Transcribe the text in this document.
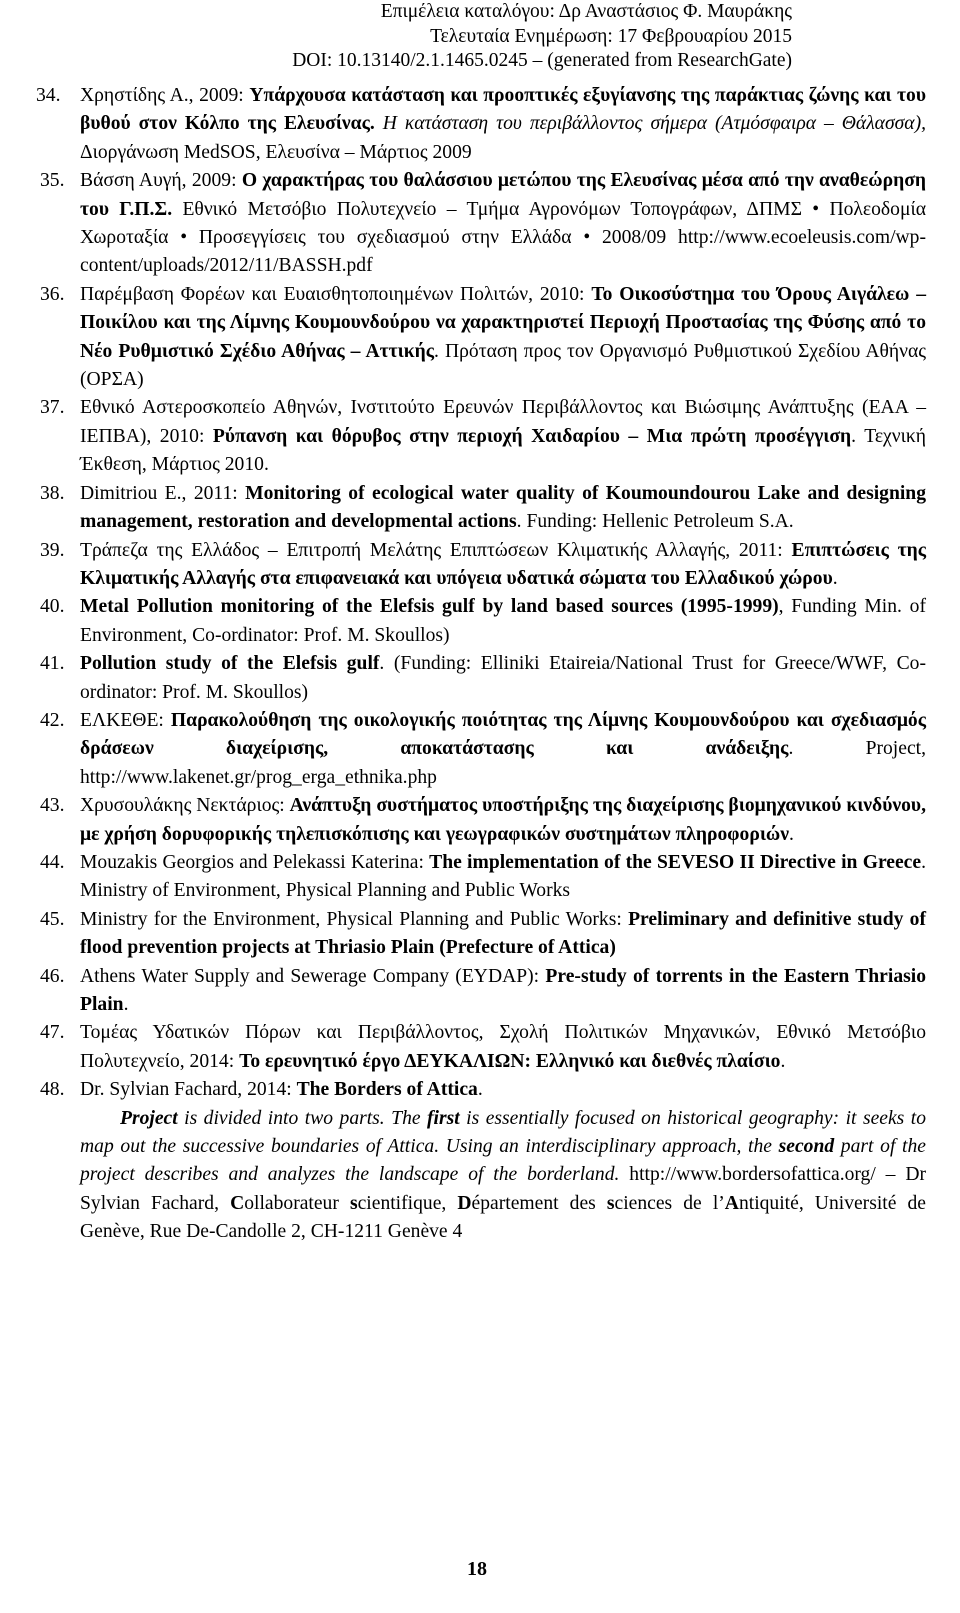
Επιμέλεια καταλόγου: Δρ Αναστάσιος Φ. Μαυράκης
Τελευταία Ενημέρωση: 17 Φεβρουαρίου 2015
DOI: 10.13140/2.1.1465.0245 – (generated from ResearchGate)
34. Χρηστίδης Α., 2009: Υπάρχουσα κατάσταση και προοπτικές εξυγίανσης της παράκτιας ζώνης και του βυθού στον Κόλπο της Ελευσίνας. Η κατάσταση του περιβάλλοντος σήμερα (Ατμόσφαιρα – Θάλασσα), Διοργάνωση MedSOS, Ελευσίνα – Μάρτιος 2009
35. Βάσση Αυγή, 2009: Ο χαρακτήρας του θαλάσσιου μετώπου της Ελευσίνας μέσα από την αναθεώρηση του Γ.Π.Σ. Εθνικό Μετσόβιο Πολυτεχνείο – Τμήμα Αγρονόμων Τοπογράφων, ΔΠΜΣ • Πολεοδομία Χωροταξία • Προσεγγίσεις του σχεδιασμού στην Ελλάδα • 2008/09 http://www.ecoeleusis.com/wp-content/uploads/2012/11/BASSH.pdf
36. Παρέμβαση Φορέων και Ευαισθητοποιημένων Πολιτών, 2010: Το Οικοσύστημα του Όρους Αιγάλεω – Ποικίλου και της Λίμνης Κουμουνδούρου να χαρακτηριστεί Περιοχή Προστασίας της Φύσης από το Νέο Ρυθμιστικό Σχέδιο Αθήνας – Αττικής. Πρόταση προς τον Οργανισμό Ρυθμιστικού Σχεδίου Αθήνας (ΟΡΣΑ)
37. Εθνικό Αστεροσκοπείο Αθηνών, Ινστιτούτο Ερευνών Περιβάλλοντος και Βιώσιμης Ανάπτυξης (ΕΑΑ – ΙΕΠΒΑ), 2010: Ρύπανση και θόρυβος στην περιοχή Χαιδαρίου – Μια πρώτη προσέγγιση. Τεχνική Έκθεση, Μάρτιος 2010.
38. Dimitriou E., 2011: Monitoring of ecological water quality of Koumoundourou Lake and designing management, restoration and developmental actions. Funding: Hellenic Petroleum S.A.
39. Τράπεζα της Ελλάδος – Επιτροπή Μελάτης Επιπτώσεων Κλιματικής Αλλαγής, 2011: Επιπτώσεις της Κλιματικής Αλλαγής στα επιφανειακά και υπόγεια υδατικά σώματα του Ελλαδικού χώρου.
40. Metal Pollution monitoring of the Elefsis gulf by land based sources (1995-1999), Funding Min. of Environment, Co-ordinator: Prof. M. Skoullos)
41. Pollution study of the Elefsis gulf. (Funding: Elliniki Etaireia/National Trust for Greece/WWF, Co-ordinator: Prof. M. Skoullos)
42. ΕΛΚΕΘΕ: Παρακολούθηση της οικολογικής ποιότητας της Λίμνης Κουμουνδούρου και σχεδιασμός δράσεων διαχείρισης, αποκατάστασης και ανάδειξης. Project, http://www.lakenet.gr/prog_erga_ethnika.php
43. Χρυσουλάκης Νεκτάριος: Ανάπτυξη συστήματος υποστήριξης της διαχείρισης βιομηχανικού κινδύνου, με χρήση δορυφορικής τηλεπισκόπισης και γεωγραφικών συστημάτων πληροφοριών.
44. Mouzakis Georgios and Pelekassi Katerina: The implementation of the SEVESO II Directive in Greece. Ministry of Environment, Physical Planning and Public Works
45. Ministry for the Environment, Physical Planning and Public Works: Preliminary and definitive study of flood prevention projects at Thriasio Plain (Prefecture of Attica)
46. Athens Water Supply and Sewerage Company (EYDAP): Pre-study of torrents in the Eastern Thriasio Plain.
47. Τομέας Υδατικών Πόρων και Περιβάλλοντος, Σχολή Πολιτικών Μηχανικών, Εθνικό Μετσόβιο Πολυτεχνείο, 2014: Το ερευνητικό έργο ΔΕΥΚΑΛΙΩΝ: Ελληνικό και διεθνές πλαίσιο.
48. Dr. Sylvian Fachard, 2014: The Borders of Attica.
Project is divided into two parts. The first is essentially focused on historical geography: it seeks to map out the successive boundaries of Attica. Using an interdisciplinary approach, the second part of the project describes and analyzes the landscape of the borderland. http://www.bordersofattica.org/ – Dr Sylvian Fachard, Collaborateur scientifique, Département des sciences de l’Antiquité, Université de Genève, Rue De-Candolle 2, CH-1211 Genève 4
18
